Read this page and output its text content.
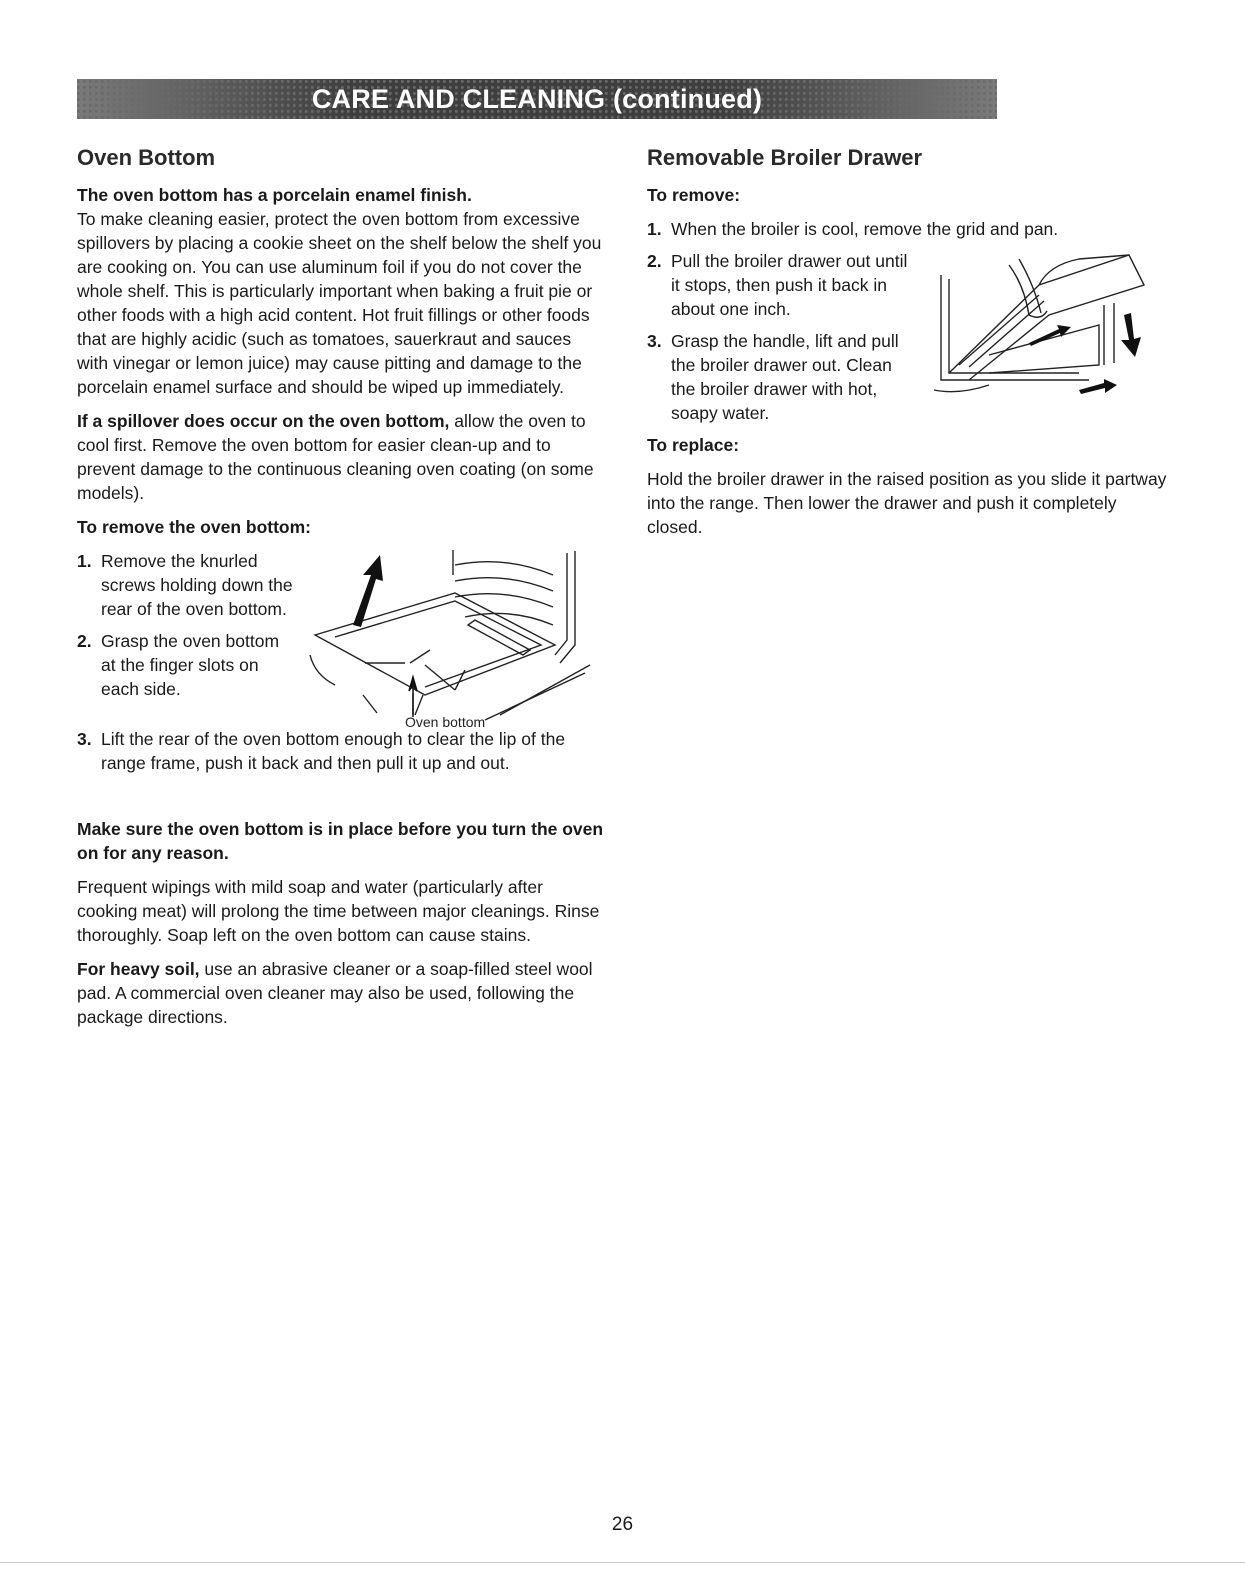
CARE AND CLEANING (continued)
Oven Bottom
The oven bottom has a porcelain enamel finish.

To make cleaning easier, protect the oven bottom from excessive spillovers by placing a cookie sheet on the shelf below the shelf you are cooking on. You can use aluminum foil if you do not cover the whole shelf. This is particularly important when baking a fruit pie or other foods with a high acid content. Hot fruit fillings or other foods that are highly acidic (such as tomatoes, sauerkraut and sauces with vinegar or lemon juice) may cause pitting and damage to the porcelain enamel surface and should be wiped up immediately.

If a spillover does occur on the oven bottom, allow the oven to cool first. Remove the oven bottom for easier clean-up and to prevent damage to the continuous cleaning oven coating (on some models).

To remove the oven bottom:
1. Remove the knurled screws holding down the rear of the oven bottom.
2. Grasp the oven bottom at the finger slots on each side.
3. Lift the rear of the oven bottom enough to clear the lip of the range frame, push it back and then pull it up and out.
Oven bottom
Make sure the oven bottom is in place before you turn the oven on for any reason.

Frequent wipings with mild soap and water (particularly after cooking meat) will prolong the time between major cleanings. Rinse thoroughly. Soap left on the oven bottom can cause stains.

For heavy soil, use an abrasive cleaner or a soap-filled steel wool pad. A commercial oven cleaner may also be used, following the package directions.

Removable Broiler Drawer
To remove:
1. When the broiler is cool, remove the grid and pan.
2. Pull the broiler drawer out until it stops, then push it back in about one inch.
3. Grasp the handle, lift and pull the broiler drawer out. Clean the broiler drawer with hot, soapy water.
To replace:

Hold the broiler drawer in the raised position as you slide it partway into the range. Then lower the drawer and push it completely closed.

26
